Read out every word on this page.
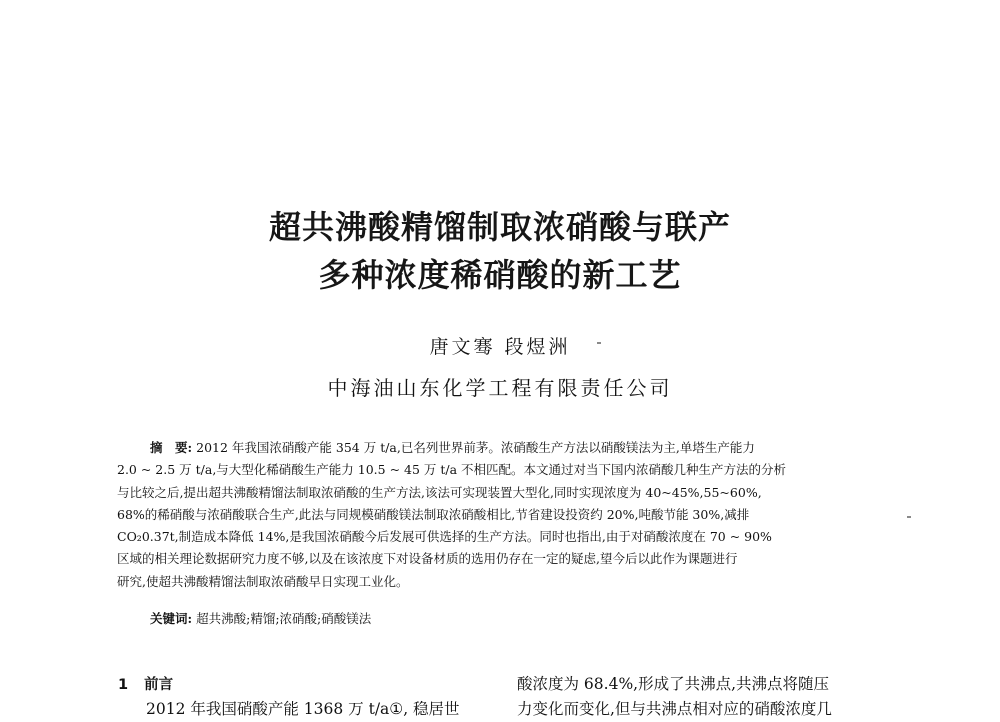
超共沸酸精馏制取浓硝酸与联产
多种浓度稀硝酸的新工艺
唐文骞 段煜洲
中海油山东化学工程有限责任公司
摘　要: 2012 年我国浓硝酸产能 354 万 t/a,已名列世界前茅。浓硝酸生产方法以硝酸镁法为主,单塔生产能力
2.0 ~ 2.5 万 t/a,与大型化稀硝酸生产能力 10.5 ~ 45 万 t/a 不相匹配。本文通过对当下国内浓硝酸几种生产方法的分析
与比较之后,提出超共沸酸精馏法制取浓硝酸的生产方法,该法可实现装置大型化,同时实现浓度为 40~45%,55~60%,
68%的稀硝酸与浓硝酸联合生产,此法与同规模硝酸镁法制取浓硝酸相比,节省建设投资约 20%,吨酸节能 30%,减排
CO₂0.37t,制造成本降低 14%,是我国浓硝酸今后发展可供选择的生产方法。同时也指出,由于对硝酸浓度在 70 ~ 90%
区域的相关理论数据研究力度不够,以及在该浓度下对设备材质的选用仍存在一定的疑虑,望今后以此作为课题进行
研究,使超共沸酸精馏法制取浓硝酸早日实现工业化。
关键词: 超共沸酸;精馏;浓硝酸;硝酸镁法
1 前言
2012 年我国硝酸产能 1368 万 t/a①, 稳居世
酸浓度为 68.4%,形成了共沸点,共沸点将随压
力变化而变化,但与共沸点相对应的硝酸浓度几
